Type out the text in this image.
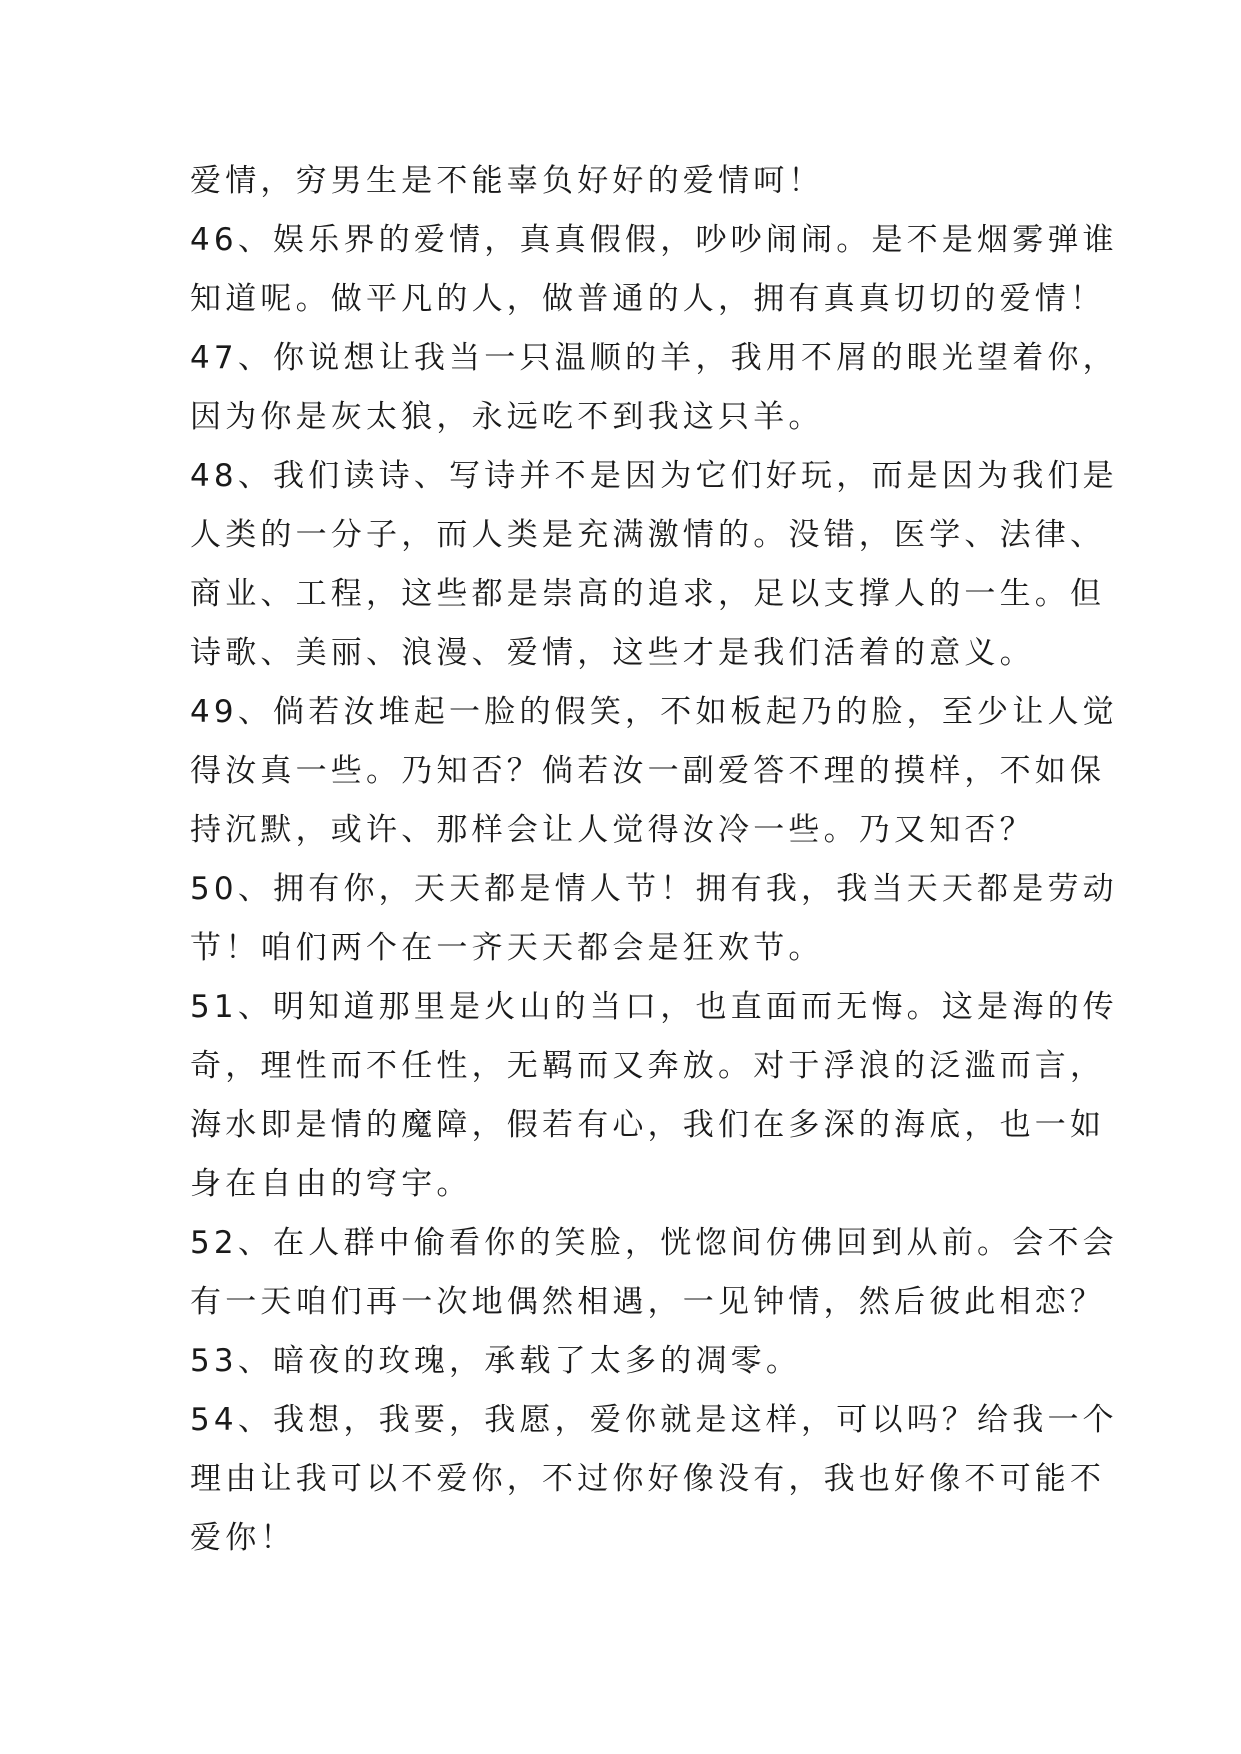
爱情，穷男生是不能辜负好好的爱情呵！
46、娱乐界的爱情，真真假假，吵吵闹闹。是不是烟雾弹谁
知道呢。做平凡的人，做普通的人，拥有真真切切的爱情！
47、你说想让我当一只温顺的羊，我用不屑的眼光望着你，
因为你是灰太狼，永远吃不到我这只羊。
48、我们读诗、写诗并不是因为它们好玩，而是因为我们是
人类的一分子，而人类是充满激情的。没错，医学、法律、
商业、工程，这些都是崇高的追求，足以支撑人的一生。但
诗歌、美丽、浪漫、爱情，这些才是我们活着的意义。
49、倘若汝堆起一脸的假笑，不如板起乃的脸，至少让人觉
得汝真一些。乃知否？倘若汝一副爱答不理的摸样，不如保
持沉默，或许、那样会让人觉得汝冷一些。乃又知否？
50、拥有你，天天都是情人节！拥有我，我当天天都是劳动
节！咱们两个在一齐天天都会是狂欢节。
51、明知道那里是火山的当口，也直面而无悔。这是海的传
奇，理性而不任性，无羁而又奔放。对于浮浪的泛滥而言，
海水即是情的魔障，假若有心，我们在多深的海底，也一如
身在自由的穹宇。
52、在人群中偷看你的笑脸，恍惚间仿佛回到从前。会不会
有一天咱们再一次地偶然相遇，一见钟情，然后彼此相恋？
53、暗夜的玫瑰，承载了太多的凋零。
54、我想，我要，我愿，爱你就是这样，可以吗？给我一个
理由让我可以不爱你，不过你好像没有，我也好像不可能不
爱你！
